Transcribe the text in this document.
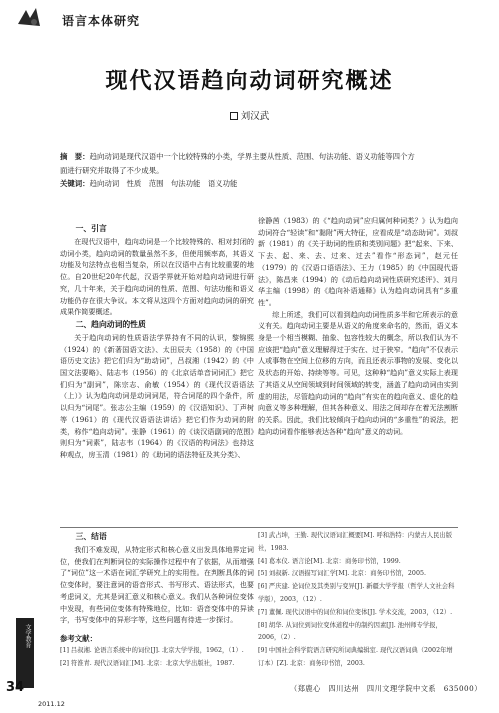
语言本体研究
现代汉语趋向动词研究概述
刘汉武
摘　要：趋向动词是现代汉语中一个比较特殊的小类，学界主要从性质、范围、句法功能、语义功能等四个方面进行研究并取得了不少成果。
关键词：趋向动词　性质　范围　句法功能　语义功能
一、引言

在现代汉语中，趋向动词是一个比较特殊的、相对封闭的动词小类，趋向动词的数量虽然不多，但使用频率高，其语义功能及句法特点也相当复杂，所以在汉语中占有比较重要的地位。自20世纪20年代起，汉语学界就开始对趋向动词进行研究，几十年来，关于趋向动词的性质、范围、句法功能和语义功能仍存在很大争议。本文将从这四个方面对趋向动词的研究成果作简要概述。

二、趋向动词的性质

关于趋向动词的性质语法学界持有不同的认识，黎锦熙（1924）的《新著国语文法》、太田辰夫（1958）的《中国语历史文法》把它们归为“助动词”，吕叔湘（1942）的《中国文法要略》、陆志韦（1956）的《北京话单音词词汇》把它们归为“副词”，陈宗志、俞敏（1954）的《现代汉语语法（上）》认为趋向动词是动词词尾，符合词尾的四个条件，所以归为“词尾”。张志公主编（1959）的《汉语知识》、丁声树等（1961）的《现代汉语语法讲话》把它们作为动词的附类，称作“趋向动词”。张静（1961）的《谈汉语副词的范围》则归为“词素”，陆志韦（1964）的《汉语的构词法》也持这种观点，房玉清（1981）的《助词的语法特征及其分类》、

徐静茜（1983）的《“趋向动词”应归属何种词类？》认为趋向动词符合“轻读”和“黏附”两大特征，应看成是“动态助词”。刘叔新（1981）的《关于助词的性质和类别问题》把“起来、下来、下去、起、来、去、过来、过去”看作“形态词”，赵元任（1979）的《汉语口语语法》、王力（1985）的《中国现代语法》，陈昌来（1994）的《动后趋向动词性质研究述评》、刘月华主编（1998）的《趋向补语通释》认为趋向动词具有“多重性”。

综上所述，我们可以看到趋向动词性质多半和它所表示的意义有关。趋向动词主要是从语义的角度来命名的，然而，语义本身是一个相当模糊、抽象、包容性较大的概念，所以我们认为不应该把“趋向”意义理解得过于实在、过于狭窄。“趋向”不仅表示人或事物在空间上位移的方向，而且还表示事物的发展、变化以及状态的开始、持续等等。可见，这种种“趋向”意义实际上表现了其语义从空间领域到时间领域的转变，涵盖了趋向动词由实到虚的用法，尽管趋向动词的“趋向”有实在的趋向意义、虚化的趋向意义等多种理解，但其各种意义、用法之间却存在着无法割断的关系。因此，我们比较倾向于趋向动词的“多重性”的说法，把趋向动词看作能够表达各种“趋向”意义的动词。

三、结语

我们不难发现，从特定形式和核心意义出发具体地界定词位，使我们在判断词位的实际操作过程中有了依据，从而增强了“词位”这一术语在词汇学研究上的实用性。在判断具体的词位变体时，要注意词的语音形式、书写形式、语法形式，也要考虑词义，尤其是词汇意义和核心意义。我们从各种词位变体中发现，有些词位变体有特殊地位，比如：语音变体中的异读字，书写变体中的异形字等，这些问题有待进一步探讨。

参考文献：
[1] 吕叔湘. 论语言系统中的词位[J]. 北京大学学报，1962，（1）.
[2] 符淮青. 现代汉语词汇[M]. 北京：北京大学出版社，1987.
[3] 武占坤，王勤. 现代汉语词汇概要[M]. 呼和浩特：内蒙古人民出版社，1983.
[4] 葛本仪. 语言论[M]. 北京：商务印书馆，1999.
[5] 刘叔新. 汉语描写词汇学[M]. 北京：商务印书馆，2005.
[6] 严庆建. 论词位及其类别与变异[J]. 新疆大学学报（哲学人文社会科学版），2003，（12）.
[7] 董佩. 现代汉语中的词位和词位变体[J]. 学术交流，2003，（12）.
[8] 胡华. 从词位到词位变体道程中的制约因素[J]. 池州师专学报，2006，（2）.
[9] 中国社会科学院语言研究所词典编辑室. 现代汉语词典（2002年增订本）[Z]. 北京：商务印书馆，2003.
（郑鹿心　四川达州　四川文理学院中文系　635000）
文学教育
34
2011.12
